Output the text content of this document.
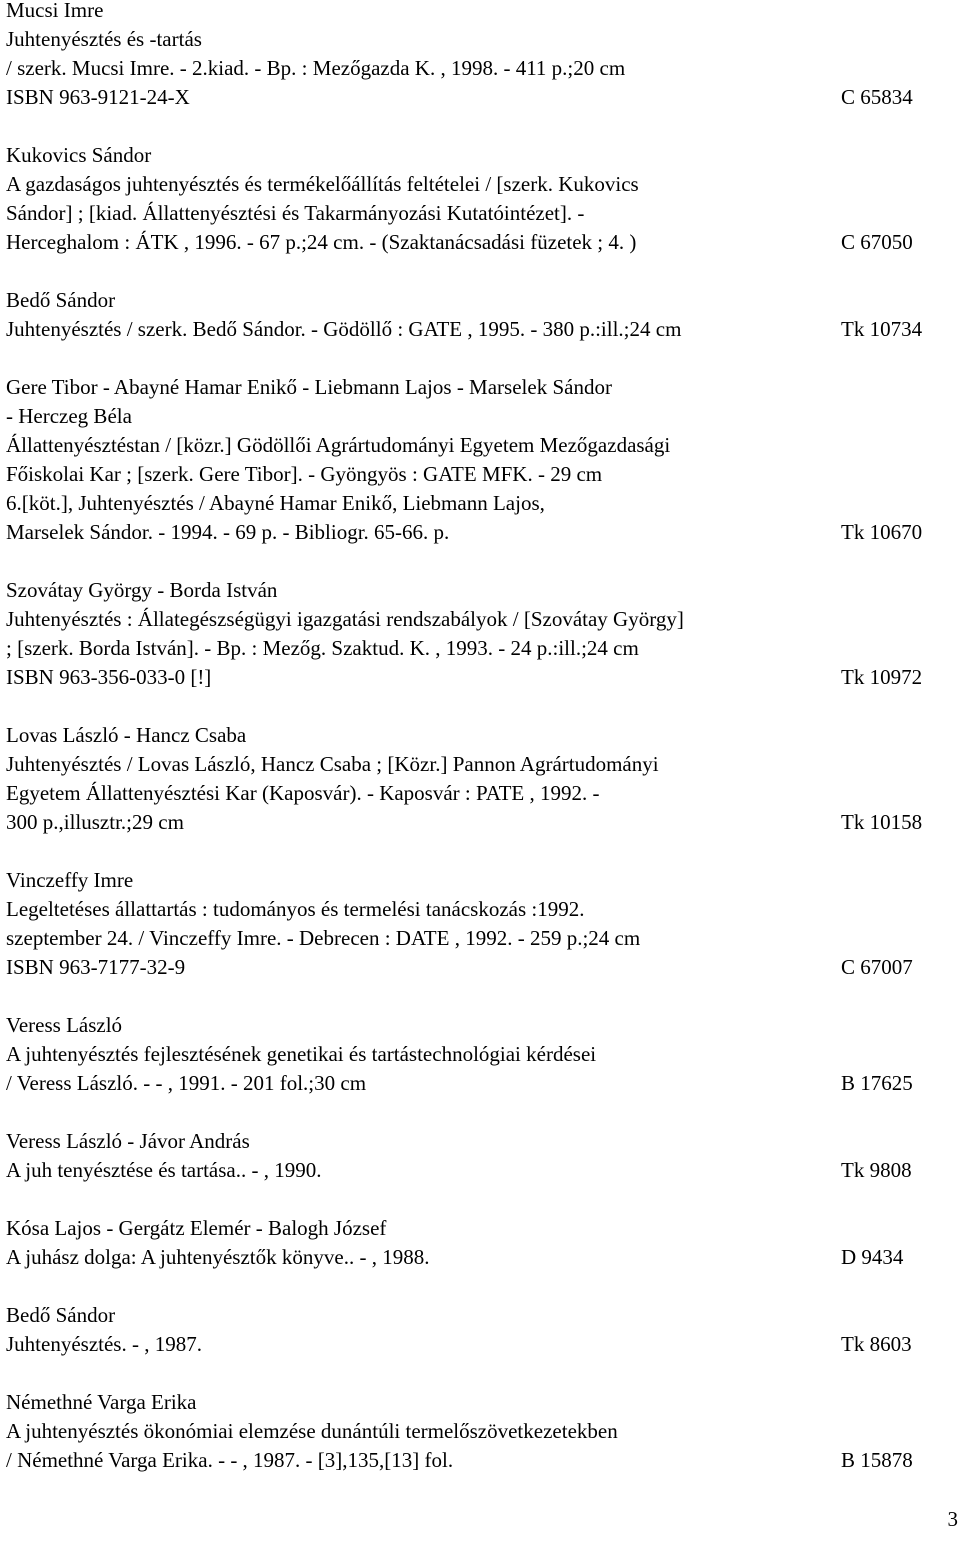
Mucsi Imre
Juhtenyésztés és -tartás
/ szerk. Mucsi Imre. - 2.kiad. - Bp. : Mezőgazda K. , 1998. - 411 p.;20 cm
ISBN 963-9121-24-X	C 65834
Kukovics Sándor
A gazdaságos juhtenyésztés és termékelőállítás feltételei / [szerk. Kukovics
Sándor] ; [kiad. Állattenyésztési és Takarmányozási Kutatóintézet]. -
Herceghalom : ÁTK , 1996. - 67 p.;24 cm. - (Szaktanácsadási füzetek ; 4. )	C 67050
Bedő Sándor
Juhtenyésztés / szerk. Bedő Sándor. - Gödöllő : GATE , 1995. - 380 p.:ill.;24 cm	Tk 10734
Gere Tibor - Abayné Hamar Enikő - Liebmann Lajos - Marselek Sándor
- Herczeg Béla
Állattenyésztéstan / [közr.] Gödöllői Agrártudományi Egyetem Mezőgazdasági
Főiskolai Kar ; [szerk. Gere Tibor]. - Gyöngyös : GATE MFK. - 29 cm
6.[köt.], Juhtenyésztés / Abayné Hamar Enikő, Liebmann Lajos,
Marselek Sándor. - 1994. - 69 p. - Bibliogr. 65-66. p.	Tk 10670
Szovátay György - Borda István
Juhtenyésztés : Állategészségügyi igazgatási rendszabályok / [Szovátay György]
; [szerk. Borda István]. - Bp. : Mezőg. Szaktud. K. , 1993. - 24 p.:ill.;24 cm
ISBN 963-356-033-0 [!]	Tk 10972
Lovas László - Hancz Csaba
Juhtenyésztés / Lovas László, Hancz Csaba ; [Közr.] Pannon Agrártudományi
Egyetem Állattenyésztési Kar (Kaposvár). - Kaposvár : PATE , 1992. -
300 p.,illusztr.;29 cm	Tk 10158
Vinczeffy Imre
Legeltetéses állattartás : tudományos és termelési tanácskozás :1992.
szeptember 24. / Vinczeffy Imre. - Debrecen : DATE , 1992. - 259 p.;24 cm
ISBN 963-7177-32-9	C 67007
Veress László
A juhtenyésztés fejlesztésének genetikai és tartástechnológiai kérdései
/ Veress László. - - , 1991. - 201 fol.;30 cm	B 17625
Veress László - Jávor András
A juh tenyésztése és tartása.. - , 1990.	Tk 9808
Kósa Lajos - Gergátz Elemér - Balogh József
A juhász dolga: A juhtenyésztők könyve.. - , 1988.	D 9434
Bedő Sándor
Juhtenyésztés. - , 1987.	Tk 8603
Némethné Varga Erika
A juhtenyésztés ökonómiai elemzése dunántúli termelőszövetkezetekben
/ Némethné Varga Erika. - - , 1987. - [3],135,[13] fol.	B 15878
3
